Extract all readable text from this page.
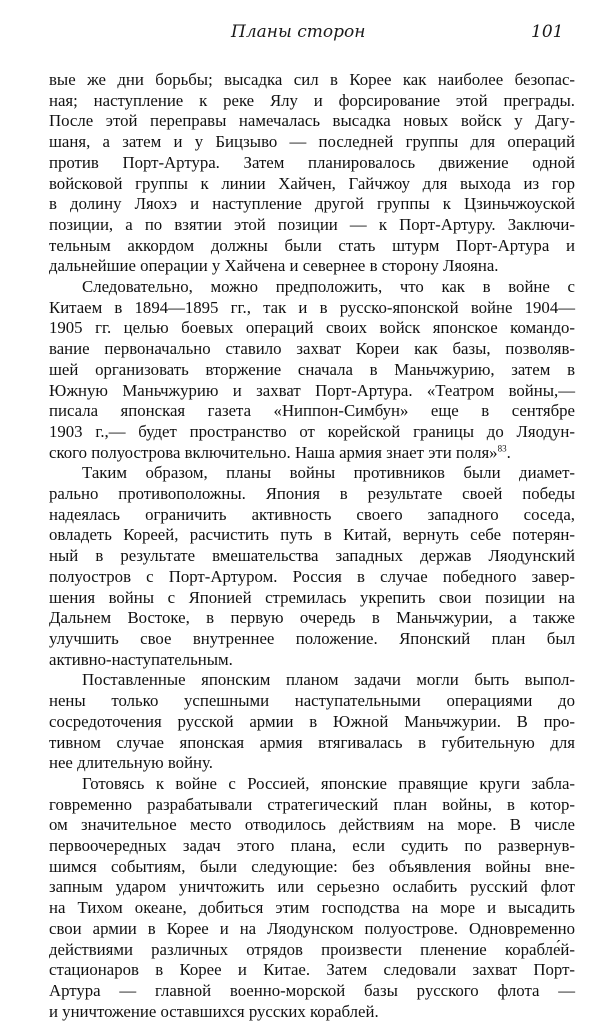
Планы сторон	101
вые же дни борьбы; высадка сил в Корее как наиболее безопас-
ная; наступление к реке Ялу и форсирование этой преграды.
После этой переправы намечалась высадка новых войск у Дагу-
шаня, а затем и у Бицзыво — последней группы для операций
против Порт-Артура. Затем планировалось движение одной
войсковой группы к линии Хайчен, Гайчжоу для выхода из гор
в долину Ляохэ и наступление другой группы к Цзиньчжоуской
позиции, а по взятии этой позиции — к Порт-Артуру. Заключи-
тельным аккордом должны были стать штурм Порт-Артура и
дальнейшие операции у Хайчена и севернее в сторону Ляояна.
Следовательно, можно предположить, что как в войне с
Китаем в 1894—1895 гг., так и в русско-японской войне 1904—
1905 гг. целью боевых операций своих войск японское командо-
вание первоначально ставило захват Кореи как базы, позволяв-
шей организовать вторжение сначала в Маньчжурию, затем в
Южную Маньчжурию и захват Порт-Артура. «Театром войны,—
писала японская газета «Ниппон-Симбун» еще в сентябре
1903 г.,— будет пространство от корейской границы до Ляодун-
ского полуострова включительно. Наша армия знает эти поля»$^{83}$.
Таким образом, планы войны противников были диамет-
рально противоположны. Япония в результате своей победы
надеялась ограничить активность своего западного соседа,
овладеть Кореей, расчистить путь в Китай, вернуть себе потерян-
ный в результате вмешательства западных держав Ляодунский
полуостров с Порт-Артуром. Россия в случае победного завер-
шения войны с Японией стремилась укрепить свои позиции на
Дальнем Востоке, в первую очередь в Маньчжурии, а также
улучшить свое внутреннее положение. Японский план был
активно-наступательным.
Поставленные японским планом задачи могли быть выпол-
нены только успешными наступательными операциями до
сосредоточения русской армии в Южной Маньчжурии. В про-
тивном случае японская армия втягивалась в губительную для
нее длительную войну.
Готовясь к войне с Россией, японские правящие круги забла-
говременно разрабатывали стратегический план войны, в котор-
ом значительное место отводилось действиям на море. В числе
первоочередных задач этого плана, если судить по развернув-
шимся событиям, были следующие: без объявления войны вне-
запным ударом уничтожить или серьезно ослабить русский флот
на Тихом океане, добиться этим господства на море и высадить
свои армии в Корее и на Ляодунском полуострове. Одновременно
действиями различных отрядов произвести пленение корабле́й-
стационаров в Корее и Китае. Затем следовали захват Порт-
Артура — главной военно-морской базы русского флота —
и уничтожение оставшихся русских кораблей.
